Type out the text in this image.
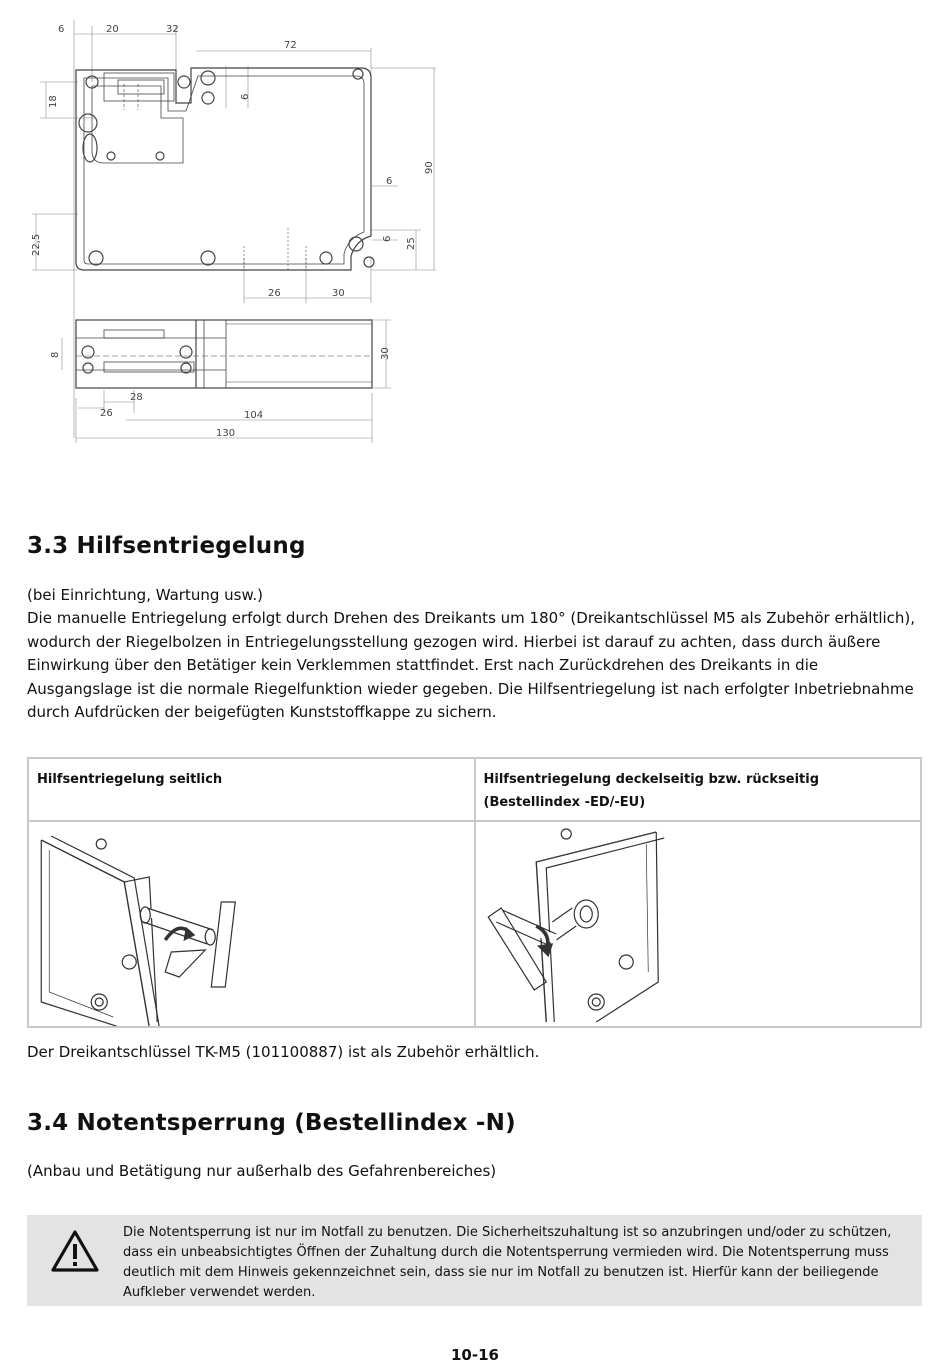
6	20	32
72
18	6
90
6
6 25
22,5
26	30
8	30
28
26	104
130
3.3 Hilfsentriegelung

(bei Einrichtung, Wartung usw.)

Die manuelle Entriegelung erfolgt durch Drehen des Dreikants um 180° (Dreikantschlüssel M5 als Zubehör erhältlich), wodurch der Riegelbolzen in Entriegelungsstellung gezogen wird. Hierbei ist darauf zu achten, dass durch äußere Einwirkung über den Betätiger kein Verklemmen stattfindet. Erst nach Zurückdrehen des Dreikants in die Ausgangslage ist die normale Riegelfunktion wieder gegeben. Die Hilfsentriegelung ist nach erfolgter Inbetriebnahme durch Aufdrücken der beigefügten Kunststoffkappe zu sichern.

Hilfsentriegelung seitlich	Hilfsentriegelung deckelseitig bzw. rückseitig (Bestellindex -ED/-EU)

Der Dreikantschlüssel TK-M5 (101100887) ist als Zubehör erhältlich.

3.4 Notentsperrung (Bestellindex -N)

(Anbau und Betätigung nur außerhalb des Gefahrenbereiches)

Die Notentsperrung ist nur im Notfall zu benutzen. Die Sicherheitszuhaltung ist so anzubringen und/oder zu schützen, dass ein unbeabsichtigtes Öffnen der Zuhaltung durch die Notentsperrung vermieden wird. Die Notentsperrung muss deutlich mit dem Hinweis gekennzeichnet sein, dass sie nur im Notfall zu benutzen ist. Hierfür kann der beiliegende Aufkleber verwendet werden.

10-16
